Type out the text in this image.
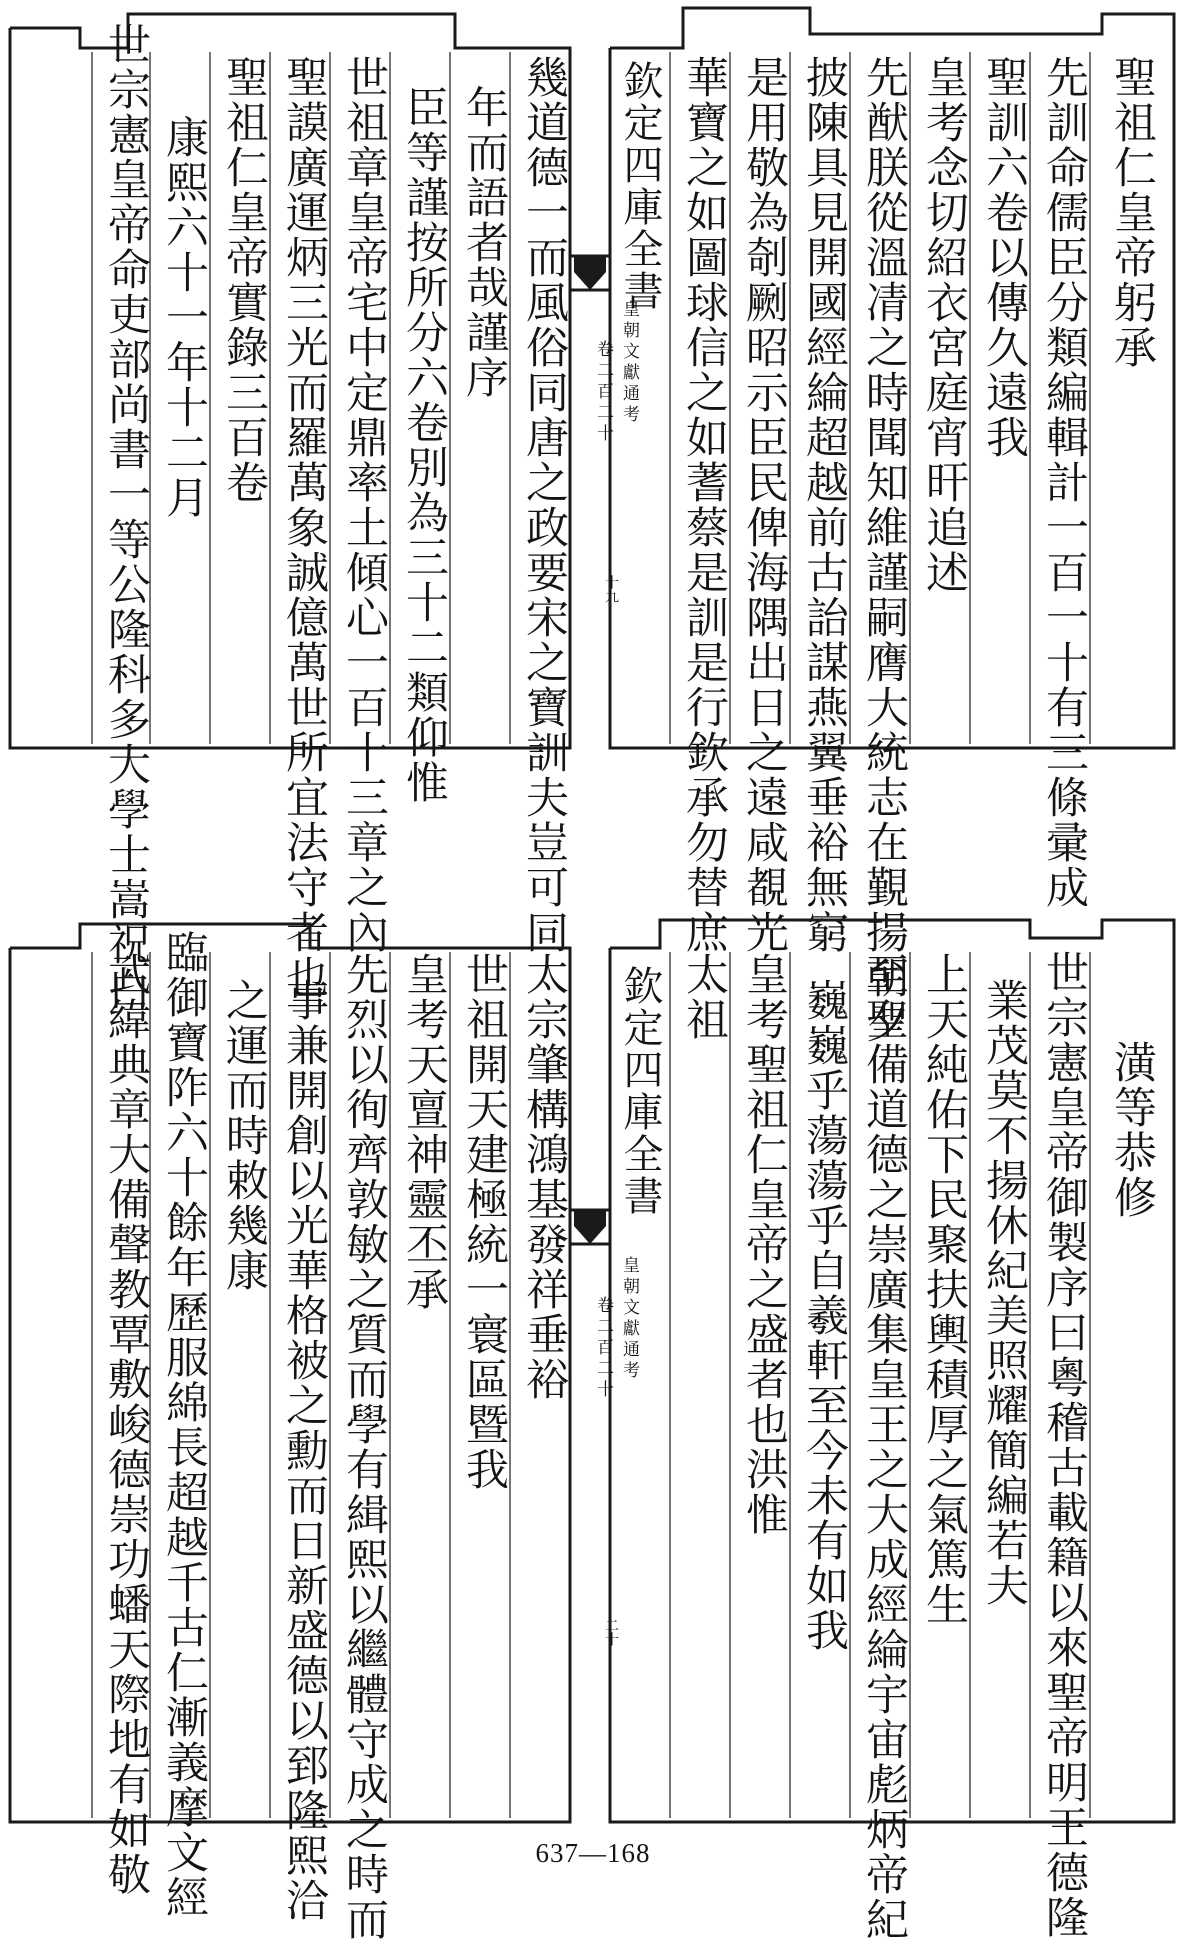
聖祖仁皇帝躬承
先訓命儒臣分類編輯計一百一十有三條彚成
聖訓六卷以傳久遠我
皇考念切紹衣宮庭宵旰追述
先猷朕從溫凊之時聞知維謹嗣膺大統志在覲揚朝夕
披陳具見開國經綸超越前古詒謀燕翼垂裕無窮
是用敬為剞劂昭示臣民俾海隅出日之遠咸覩光
華寶之如圖球信之如蓍蔡是訓是行欽承勿替庶
欽定四庫全書
皇朝文獻通考
卷二百二十
十九
幾道德一而風俗同唐之政要宋之寶訓夫豈可同
年而語者哉謹序
臣等謹按所分六卷別為三十二類仰惟
世祖章皇帝宅中定鼎率土傾心一百十三章之內
聖謨廣運炳三光而羅萬象誠億萬世所宜法守者也
聖祖仁皇帝實錄三百卷
康熙六十一年十二月
世宗憲皇帝命吏部尚書一等公隆科多大學士嵩祝白
潢等恭修
世宗憲皇帝御製序曰粵稽古載籍以來聖帝明王德隆
業茂莫不揚休紀美照耀簡編若夫
上天純佑下民聚扶輿積厚之氣篤生
至聖備道德之崇廣集皇王之大成經綸宇宙彪炳帝紀
巍巍乎蕩蕩乎自羲軒至今未有如我
皇考聖祖仁皇帝之盛者也洪惟
太祖
欽定四庫全書
皇朝文獻通考
卷二百二十
二十
太宗肇構鴻基發祥垂裕
世祖開天建極統一寰區暨我
皇考天亶神靈丕承
先烈以徇齊敦敏之質而學有緝熙以繼體守成之時而
事兼開創以光華格被之勳而日新盛德以郅隆熙洽
之運而時敕幾康
臨御寶阼六十餘年歷服綿長超越千古仁漸義摩文經
武緯典章大備聲教覃敷峻德崇功蟠天際地有如敬	637—168
